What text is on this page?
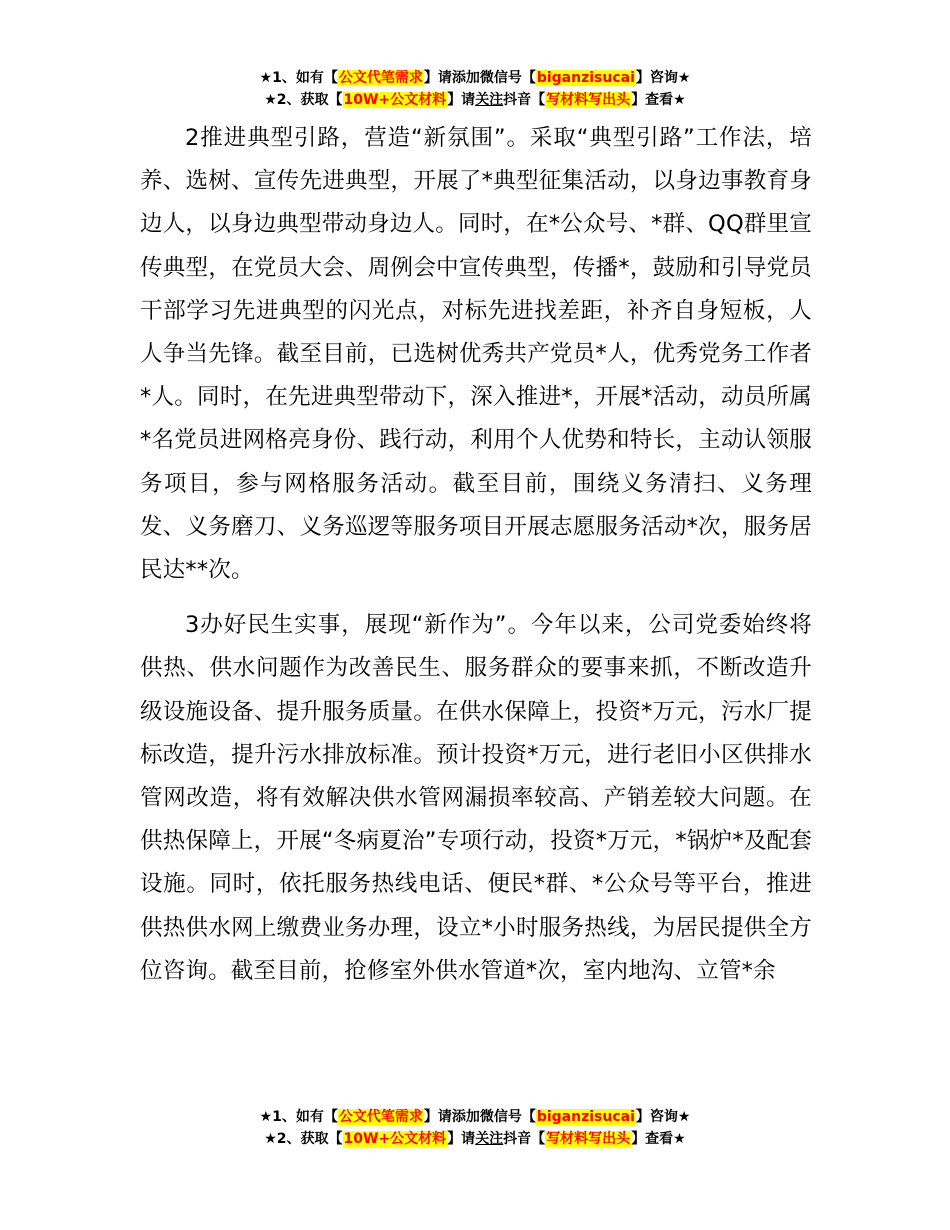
★1、如有【公文代笔需求】请添加微信号【biganzisucai】咨询★
★2、获取【10W+公文材料】请关注抖音【写材料写出头】查看★

2推进典型引路，营造“新氛围”。采取“典型引路”工作法，培养、选树、宣传先进典型，开展了*典型征集活动，以身边事教育身边人，以身边典型带动身边人。同时，在*公众号、*群、QQ群里宣传典型，在党员大会、周例会中宣传典型，传播*，鼓励和引导党员干部学习先进典型的闪光点，对标先进找差距，补齐自身短板，人人争当先锋。截至目前，已选树优秀共产党员*人，优秀党务工作者*人。同时，在先进典型带动下，深入推进*，开展*活动，动员所属*名党员进网格亮身份、践行动，利用个人优势和特长，主动认领服务项目，参与网格服务活动。截至目前，围绕义务清扫、义务理发、义务磨刀、义务巡逻等服务项目开展志愿服务活动*次，服务居民达**次。

3办好民生实事，展现“新作为”。今年以来，公司党委始终将供热、供水问题作为改善民生、服务群众的要事来抓，不断改造升级设施设备、提升服务质量。在供水保障上，投资*万元，污水厂提标改造，提升污水排放标准。预计投资*万元，进行老旧小区供排水管网改造，将有效解决供水管网漏损率较高、产销差较大问题。在供热保障上，开展“冬病夏治”专项行动，投资*万元，*锅炉*及配套设施。同时，依托服务热线电话、便民*群、*公众号等平台，推进供热供水网上缴费业务办理，设立*小时服务热线，为居民提供全方位咨询。截至目前，抢修室外供水管道*次，室内地沟、立管*余

★1、如有【公文代笔需求】请添加微信号【biganzisucai】咨询★
★2、获取【10W+公文材料】请关注抖音【写材料写出头】查看★
